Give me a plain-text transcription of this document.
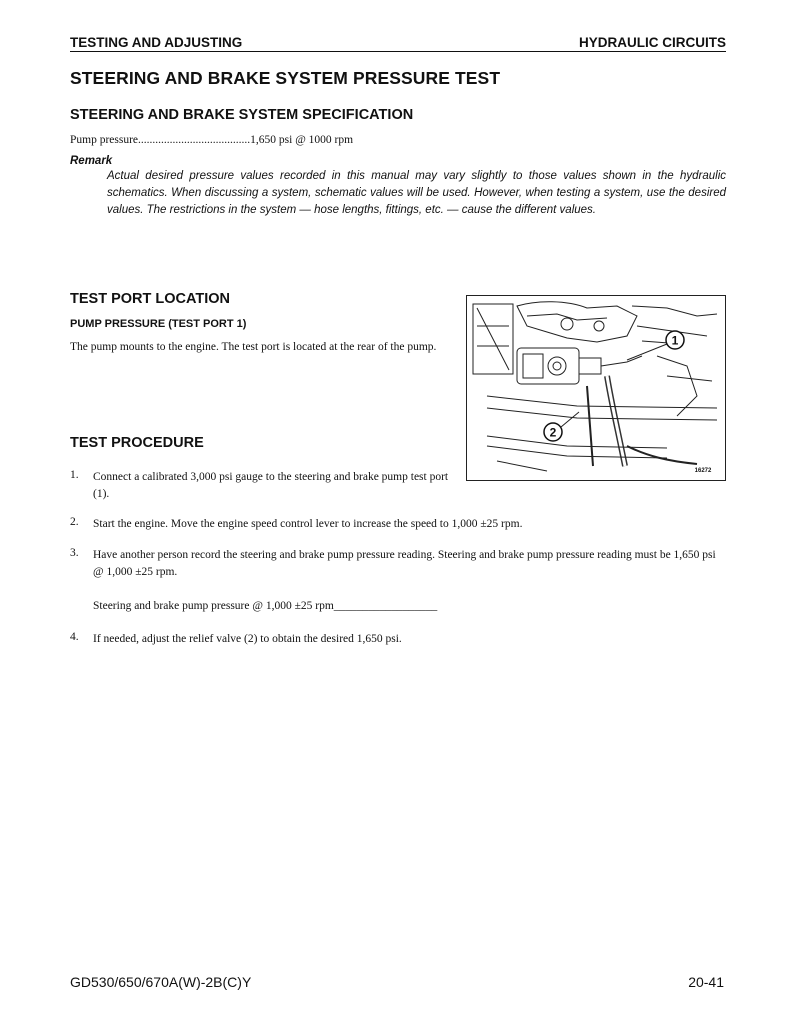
TESTING AND ADJUSTING	HYDRAULIC CIRCUITS
STEERING AND BRAKE SYSTEM PRESSURE TEST
STEERING AND BRAKE SYSTEM SPECIFICATION
Pump pressure.......................................1,650 psi @ 1000 rpm
Remark
Actual desired pressure values recorded in this manual may vary slightly to those values shown in the hydraulic schematics. When discussing a system, schematic values will be used. However, when testing a system, use the desired values. The restrictions in the system — hose lengths, fittings, etc. — cause the different values.
TEST PORT LOCATION
PUMP PRESSURE (TEST PORT 1)
The pump mounts to the engine. The test port is located at the rear of the pump.	1
2
16272
TEST PROCEDURE
1. Connect a calibrated 3,000 psi gauge to the steering and brake pump test port (1).
2. Start the engine. Move the engine speed control lever to increase the speed to 1,000 ±25 rpm.
3. Have another person record the steering and brake pump pressure reading. Steering and brake pump pressure reading must be 1,650 psi @ 1,000 ±25 rpm.
Steering and brake pump pressure @ 1,000 ±25 rpm__________________
4. If needed, adjust the relief valve (2) to obtain the desired 1,650 psi.
GD530/650/670A(W)-2B(C)Y	20-41
